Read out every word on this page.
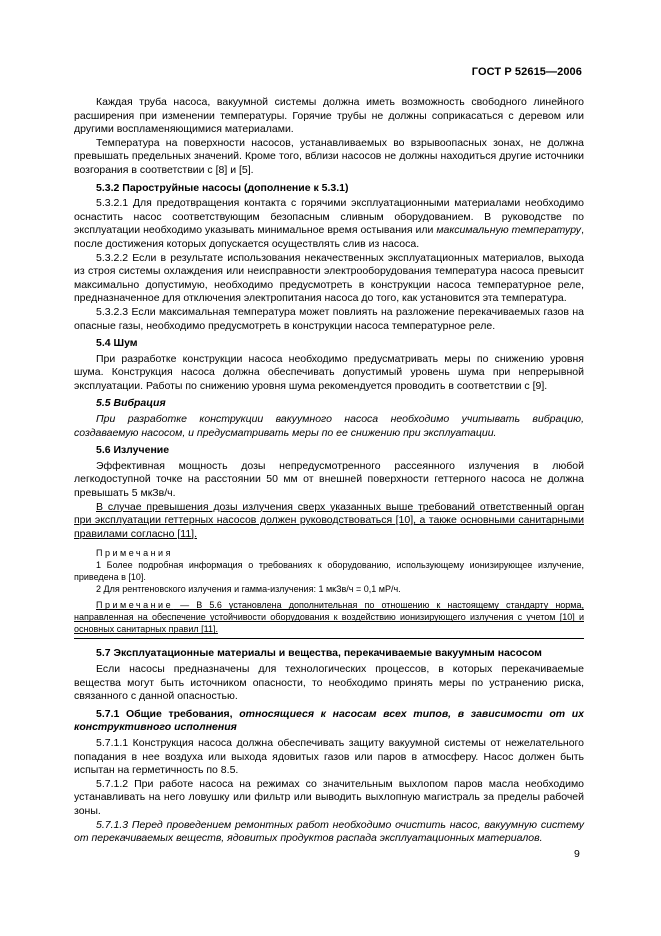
ГОСТ Р 52615—2006

Каждая труба насоса, вакуумной системы должна иметь возможность свободного линейного расширения при изменении температуры. Горячие трубы не должны соприкасаться с деревом или другими воспламеняющимися материалами.

Температура на поверхности насосов, устанавливаемых во взрывоопасных зонах, не должна превышать предельных значений. Кроме того, вблизи насосов не должны находиться другие источники возгорания в соответствии с [8] и [5].

5.3.2 Пароструйные насосы (дополнение к 5.3.1)

5.3.2.1 Для предотвращения контакта с горячими эксплуатационными материалами необходимо оснастить насос соответствующим безопасным сливным оборудованием. В руководстве по эксплуатации необходимо указывать минимальное время остывания или максимальную температуру, после достижения которых допускается осуществлять слив из насоса.

5.3.2.2 Если в результате использования некачественных эксплуатационных материалов, выхода из строя системы охлаждения или неисправности электрооборудования температура насоса превысит максимально допустимую, необходимо предусмотреть в конструкции насоса температурное реле, предназначенное для отключения электропитания насоса до того, как установится эта температура.

5.3.2.3 Если максимальная температура может повлиять на разложение перекачиваемых газов на опасные газы, необходимо предусмотреть в конструкции насоса температурное реле.

5.4 Шум

При разработке конструкции насоса необходимо предусматривать меры по снижению уровня шума. Конструкция насоса должна обеспечивать допустимый уровень шума при непрерывной эксплуатации. Работы по снижению уровня шума рекомендуется проводить в соответствии с [9].

5.5 Вибрация

При разработке конструкции вакуумного насоса необходимо учитывать вибрацию, создаваемую насосом, и предусматривать меры по ее снижению при эксплуатации.

5.6 Излучение

Эффективная мощность дозы непредусмотренного рассеянного излучения в любой легкодоступной точке на расстоянии 50 мм от внешней поверхности геттерного насоса не должна превышать 5 мкЗв/ч.

В случае превышения дозы излучения сверх указанных выше требований ответственный орган при эксплуатации геттерных насосов должен руководствоваться [10], а также основными санитарными правилами согласно [11].

Примечания

1 Более подробная информация о требованиях к оборудованию, использующему ионизирующее излучение, приведена в [10].

2 Для рентгеновского излучения и гамма-излучения: 1 мкЗв/ч = 0,1 мР/ч.

Примечание — В 5.6 установлена дополнительная по отношению к настоящему стандарту норма, направленная на обеспечение устойчивости оборудования к воздействию ионизирующего излучения с учетом [10] и основных санитарных правил [11].

5.7 Эксплуатационные материалы и вещества, перекачиваемые вакуумным насосом

Если насосы предназначены для технологических процессов, в которых перекачиваемые вещества могут быть источником опасности, то необходимо принять меры по устранению риска, связанного с данной опасностью.

5.7.1 Общие требования, относящиеся к насосам всех типов, в зависимости от их конструктивного исполнения

5.7.1.1 Конструкция насоса должна обеспечивать защиту вакуумной системы от нежелательного попадания в нее воздуха или выхода ядовитых газов или паров в атмосферу. Насос должен быть испытан на герметичность по 8.5.

5.7.1.2 При работе насоса на режимах со значительным выхлопом паров масла необходимо устанавливать на него ловушку или фильтр или выводить выхлопную магистраль за пределы рабочей зоны.

5.7.1.3 Перед проведением ремонтных работ необходимо очистить насос, вакуумную систему от перекачиваемых веществ, ядовитых продуктов распада эксплуатационных материалов.

9
